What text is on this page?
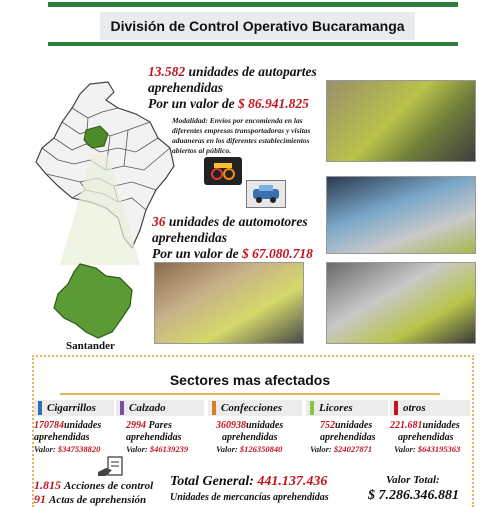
División de Control Operativo Bucaramanga
Santander
13.582 unidades de autopartes
aprehendidas
Por un valor de $ 86.941.825
Modalidad: Envíos por encomienda en las diferentes empresas transportadoras y visitas aduaneras en los diferentes establecimientos abiertos al público.
36 unidades de automotores
aprehendidas
Por un valor de $ 67.080.718
Sectores mas afectados
Cigarrillos
170784unidades
aprehendidas
Valor: $347538820
Calzado
2994 Pares
aprehendidas
Valor: $46139239
Confecciones
360938unidades
aprehendidas
Valor: $126350840
Licores
752unidades
aprehendidas
Valor: $24027871
otros
221.681unidades
aprehendidas
Valor: $643195363
1.815 Acciones de control
91 Actas de aprehensión
Total General: 441.137.436
Unidades de mercancías aprehendidas
Valor Total:
$ 7.286.346.881
